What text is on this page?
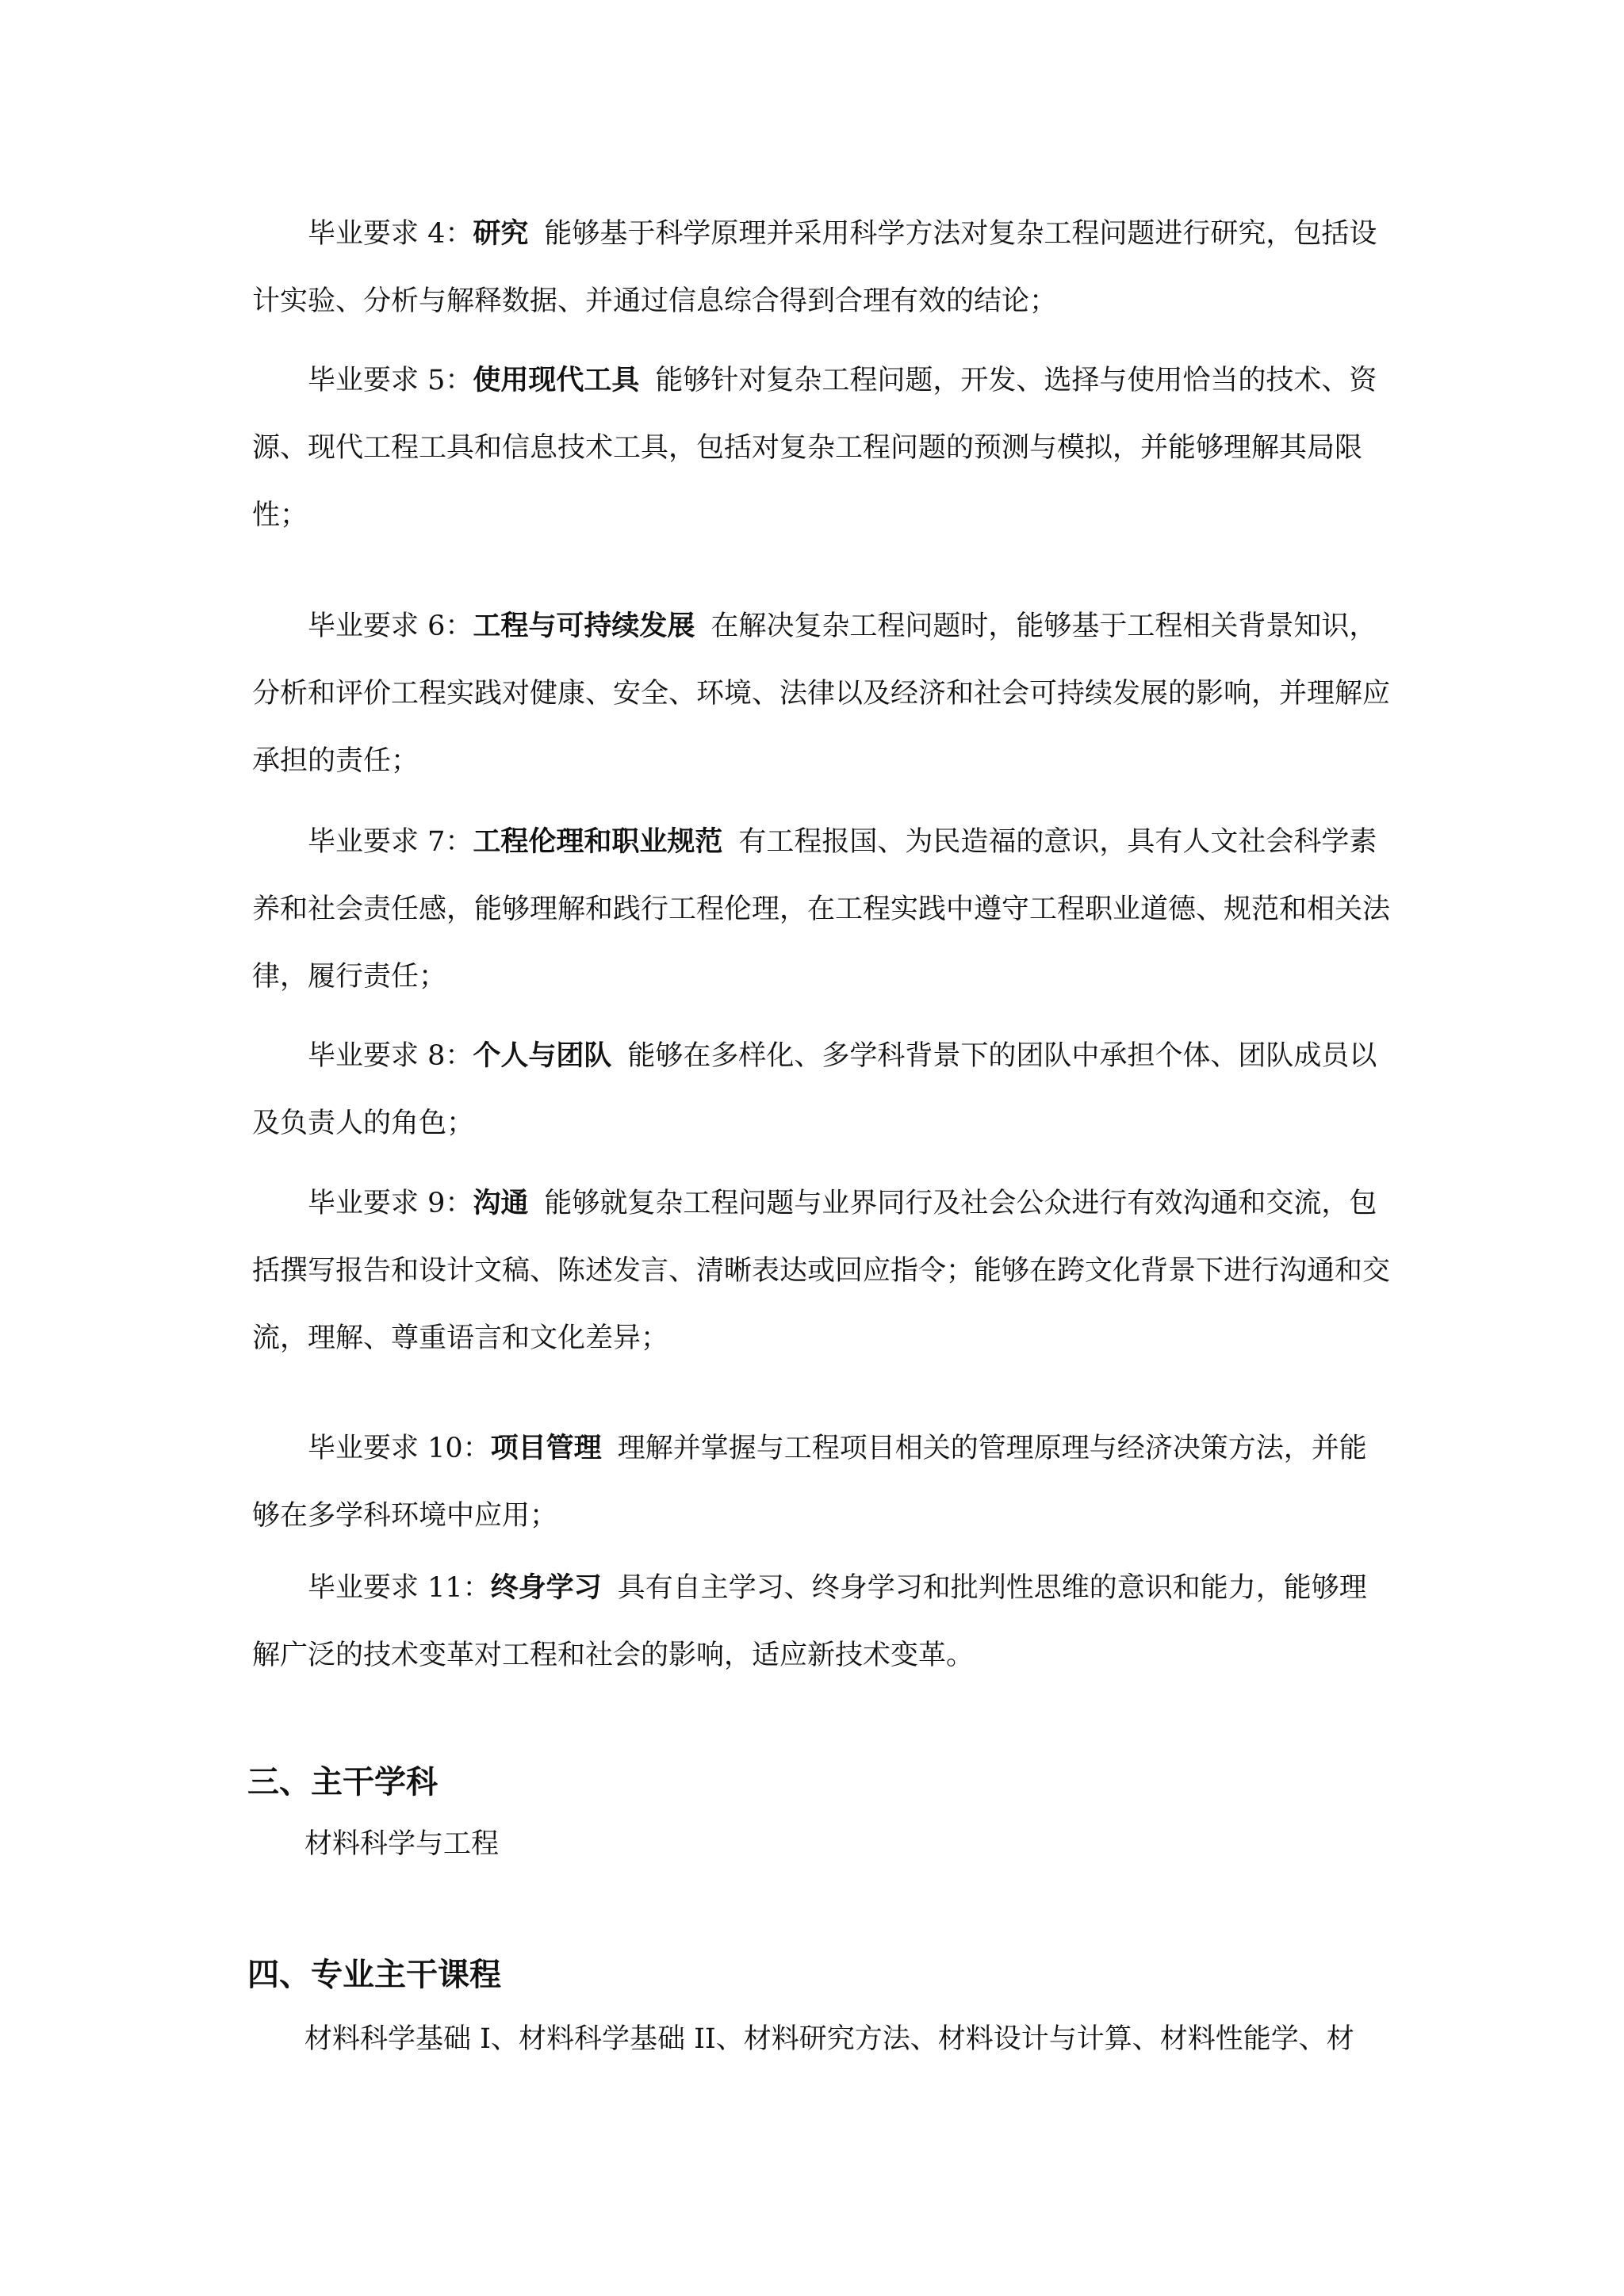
毕业要求 4：研究 能够基于科学原理并采用科学方法对复杂工程问题进行研究，包括设计实验、分析与解释数据、并通过信息综合得到合理有效的结论；

毕业要求 5：使用现代工具 能够针对复杂工程问题，开发、选择与使用恰当的技术、资源、现代工程工具和信息技术工具，包括对复杂工程问题的预测与模拟，并能够理解其局限性；

毕业要求 6：工程与可持续发展 在解决复杂工程问题时，能够基于工程相关背景知识，分析和评价工程实践对健康、安全、环境、法律以及经济和社会可持续发展的影响，并理解应承担的责任；

毕业要求 7：工程伦理和职业规范 有工程报国、为民造福的意识，具有人文社会科学素养和社会责任感，能够理解和践行工程伦理，在工程实践中遵守工程职业道德、规范和相关法律，履行责任；

毕业要求 8：个人与团队 能够在多样化、多学科背景下的团队中承担个体、团队成员以及负责人的角色；

毕业要求 9：沟通 能够就复杂工程问题与业界同行及社会公众进行有效沟通和交流，包括撰写报告和设计文稿、陈述发言、清晰表达或回应指令；能够在跨文化背景下进行沟通和交流，理解、尊重语言和文化差异；

毕业要求 10：项目管理 理解并掌握与工程项目相关的管理原理与经济决策方法，并能够在多学科环境中应用；

毕业要求 11：终身学习 具有自主学习、终身学习和批判性思维的意识和能力，能够理解广泛的技术变革对工程和社会的影响，适应新技术变革。

三、主干学科

材料科学与工程

四、专业主干课程

材料科学基础 I、材料科学基础 II、材料研究方法、材料设计与计算、材料性能学、材
